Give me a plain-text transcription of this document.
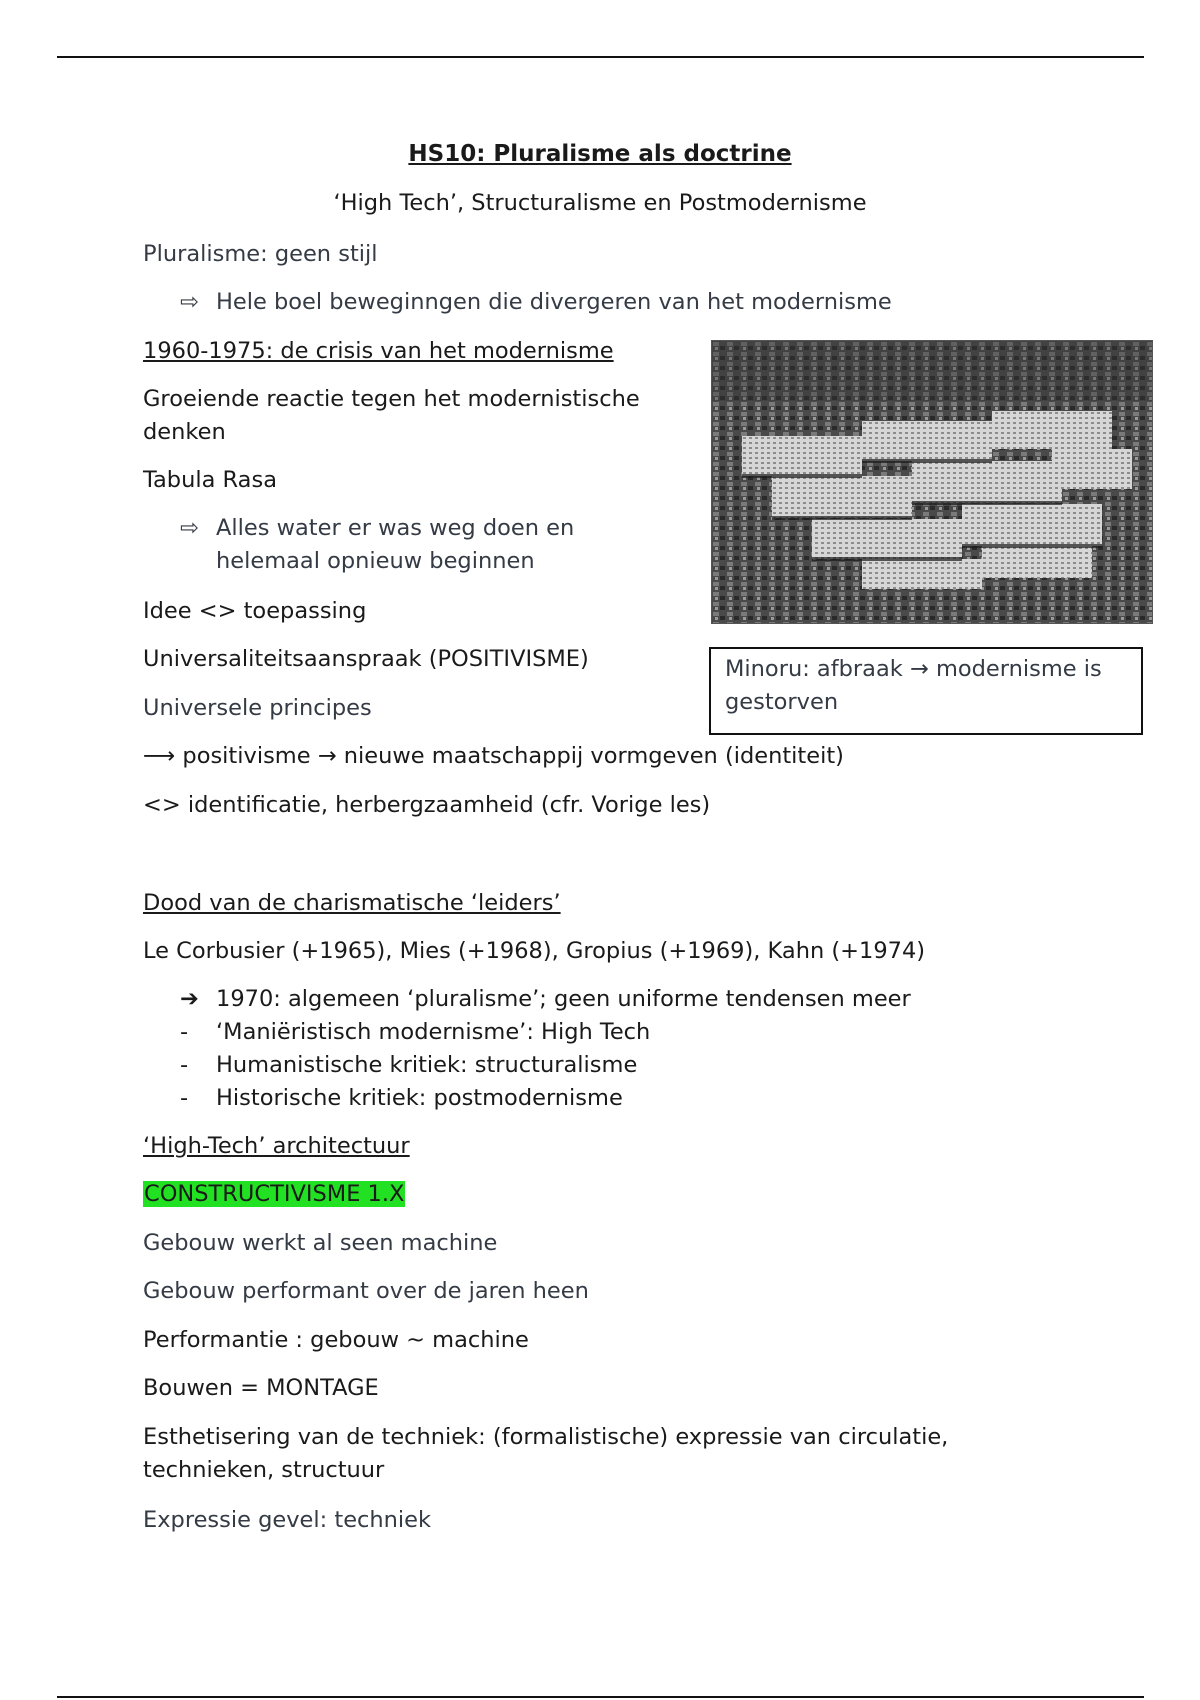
HS10: Pluralisme als doctrine
‘High Tech’, Structuralisme en Postmodernisme
Pluralisme: geen stijl
⇨ Hele boel beweginngen die divergeren van het modernisme
1960-1975: de crisis van het modernisme
Groeiende reactie tegen het modernistische denken
Tabula Rasa
⇨ Alles water er was weg doen en helemaal opnieuw beginnen
Idee <> toepassing
Universaliteitsaanspraak (POSITIVISME)
Universele principes
⟶ positivisme → nieuwe maatschappij vormgeven (identiteit)
<> identificatie, herbergzaamheid (cfr. Vorige les)
Minoru: afbraak → modernisme is gestorven
Dood van de charismatische ‘leiders’
Le Corbusier (+1965), Mies (+1968), Gropius (+1969), Kahn (+1974)
➔ 1970: algemeen ‘pluralisme’; geen uniforme tendensen meer
- ‘Maniëristisch modernisme’: High Tech
- Humanistische kritiek: structuralisme
- Historische kritiek: postmodernisme
‘High-Tech’ architectuur
CONSTRUCTIVISME 1.X
Gebouw werkt al seen machine
Gebouw performant over de jaren heen
Performantie : gebouw ~ machine
Bouwen = MONTAGE
Esthetisering van de techniek: (formalistische) expressie van circulatie, technieken, structuur
Expressie gevel: techniek
